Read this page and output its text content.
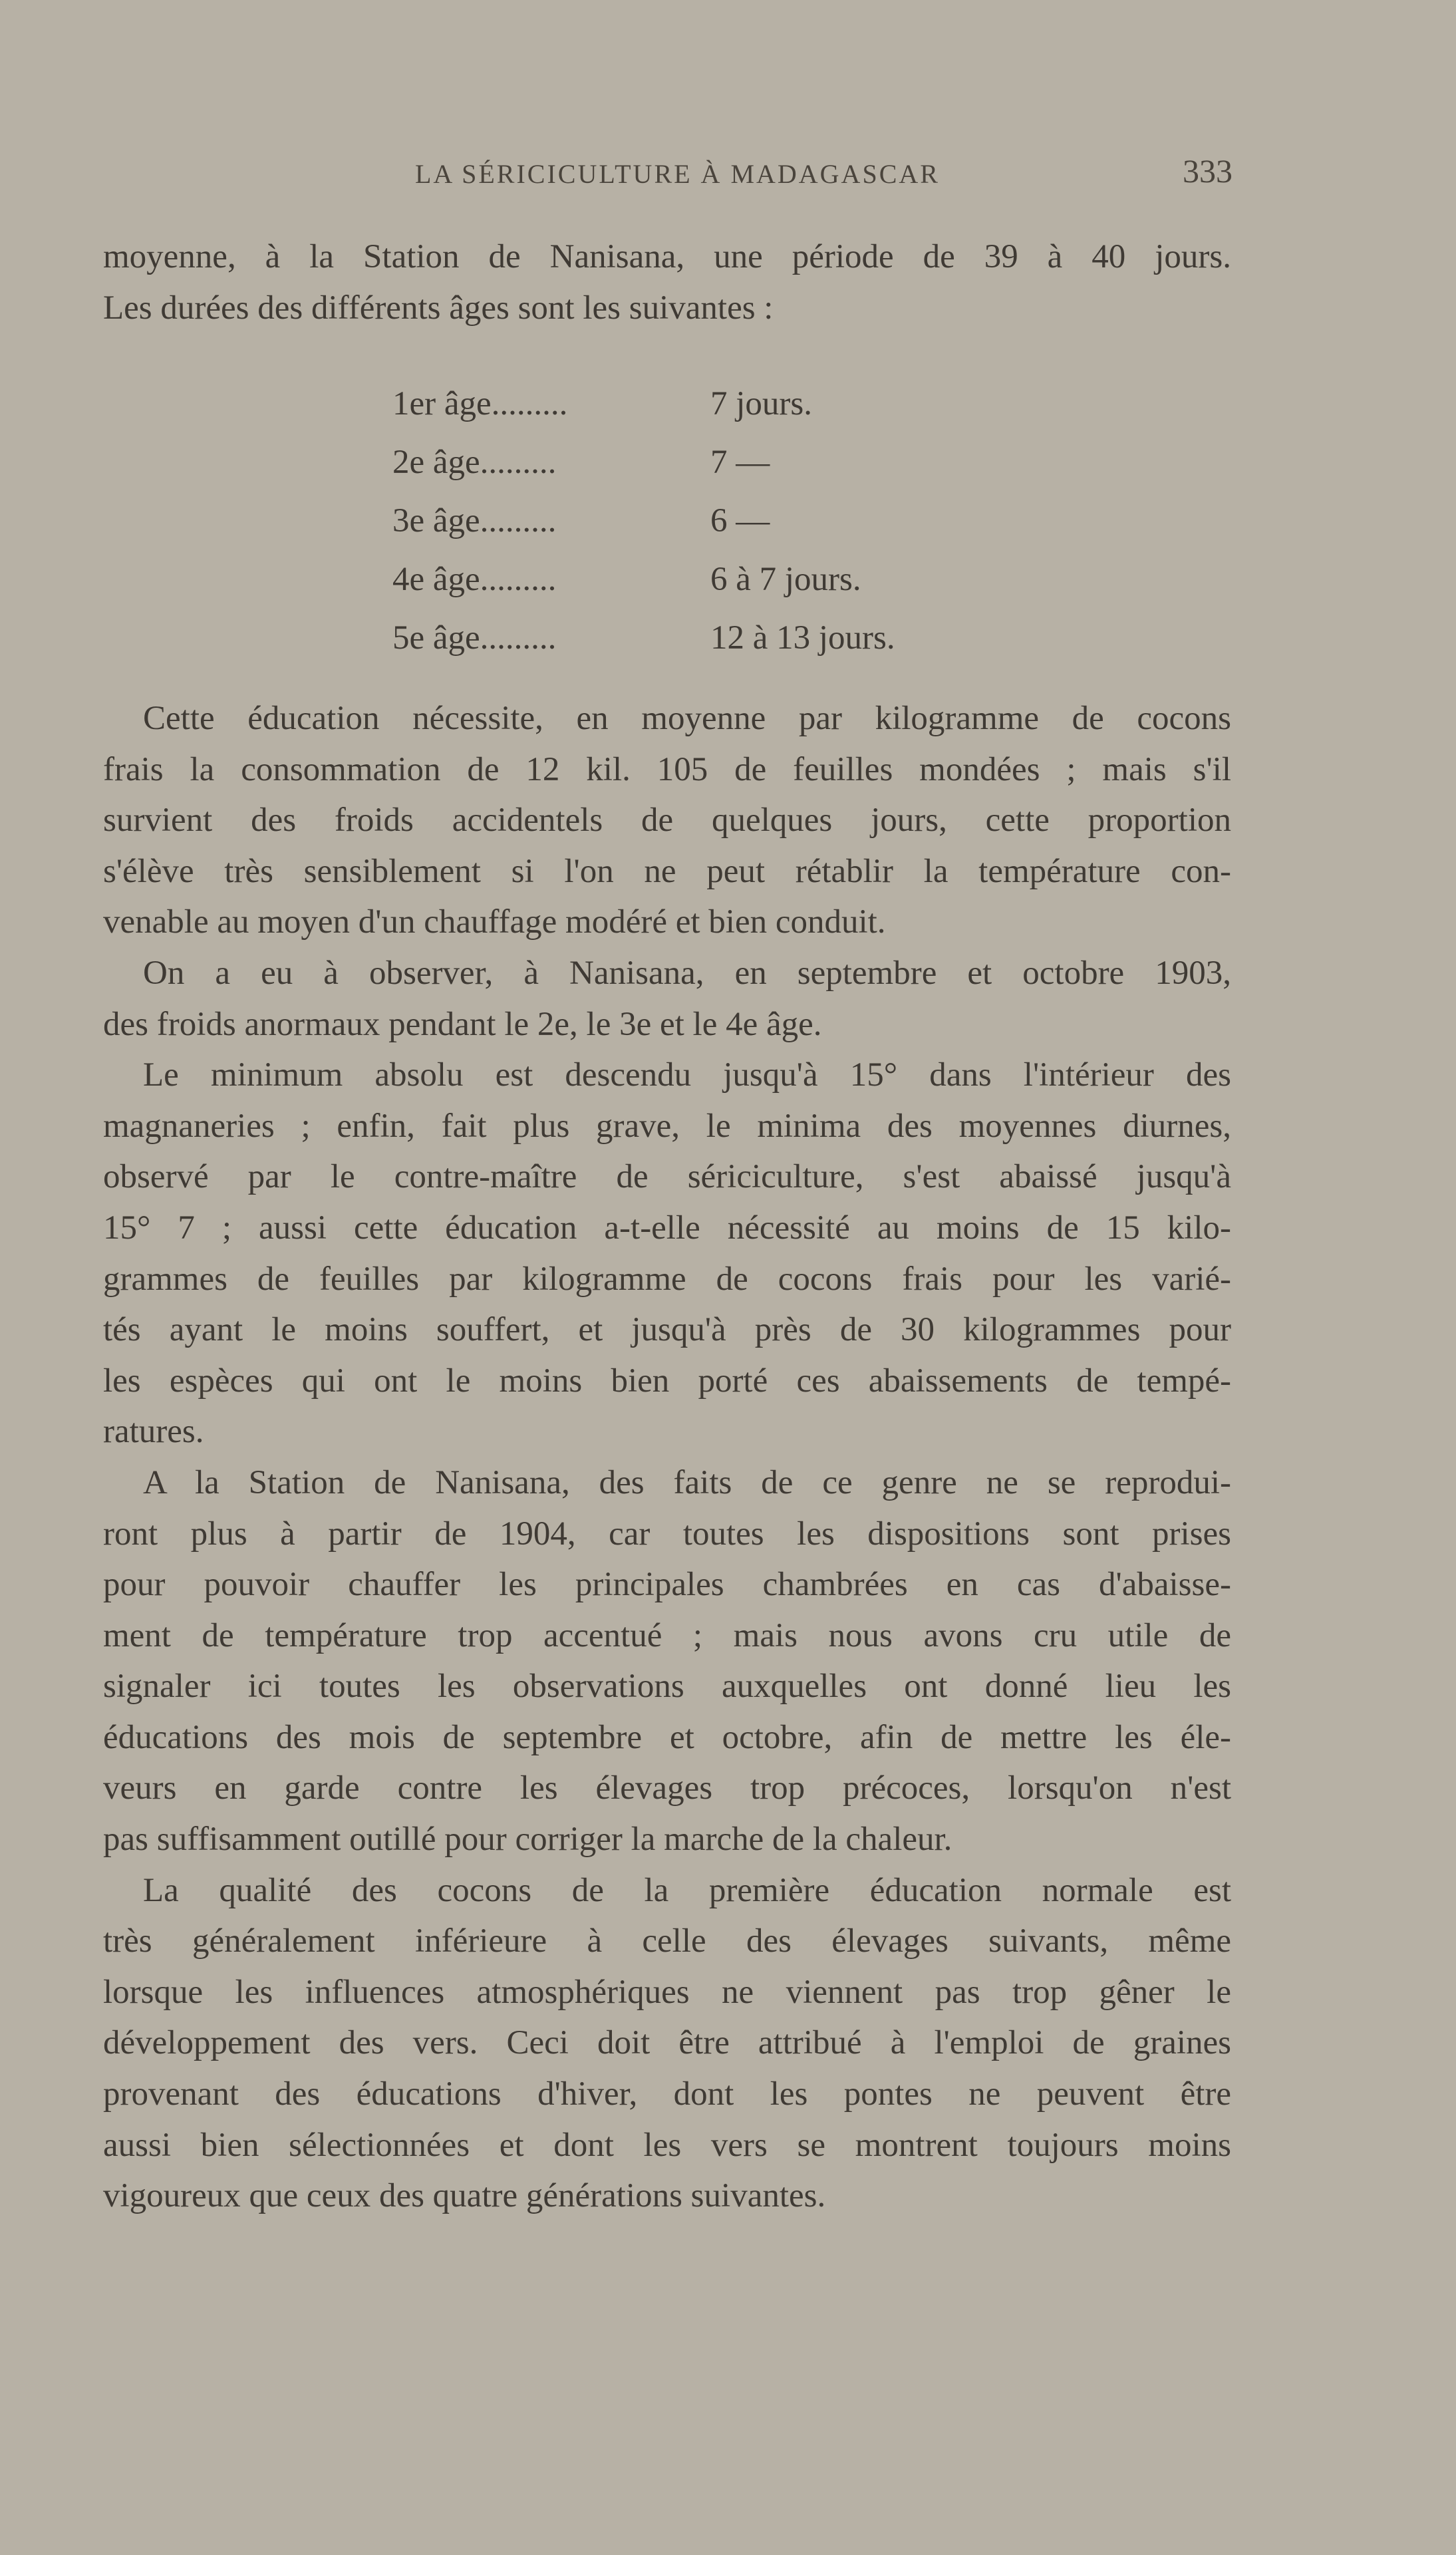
LA SÉRICICULTURE À MADAGASCAR	333
moyenne, à la Station de Nanisana, une période de 39 à 40 jours.
Les durées des différents âges sont les suivantes :
1er âge.........	7 jours.
2e âge.........	7 —
3e âge.........	6 —
4e âge.........	6 à 7 jours.
5e âge.........	12 à 13 jours.
Cette éducation nécessite, en moyenne par kilogramme de cocons
frais la consommation de 12 kil. 105 de feuilles mondées ; mais s'il
survient des froids accidentels de quelques jours, cette proportion
s'élève très sensiblement si l'on ne peut rétablir la température con-
venable au moyen d'un chauffage modéré et bien conduit.
On a eu à observer, à Nanisana, en septembre et octobre 1903,
des froids anormaux pendant le 2e, le 3e et le 4e âge.
Le minimum absolu est descendu jusqu'à 15° dans l'intérieur des
magnaneries ; enfin, fait plus grave, le minima des moyennes diurnes,
observé par le contre-maître de sériciculture, s'est abaissé jusqu'à
15° 7 ; aussi cette éducation a-t-elle nécessité au moins de 15 kilo-
grammes de feuilles par kilogramme de cocons frais pour les varié-
tés ayant le moins souffert, et jusqu'à près de 30 kilogrammes pour
les espèces qui ont le moins bien porté ces abaissements de tempé-
ratures.
A la Station de Nanisana, des faits de ce genre ne se reprodui-
ront plus à partir de 1904, car toutes les dispositions sont prises
pour pouvoir chauffer les principales chambrées en cas d'abaisse-
ment de température trop accentué ; mais nous avons cru utile de
signaler ici toutes les observations auxquelles ont donné lieu les
éducations des mois de septembre et octobre, afin de mettre les éle-
veurs en garde contre les élevages trop précoces, lorsqu'on n'est
pas suffisamment outillé pour corriger la marche de la chaleur.
La qualité des cocons de la première éducation normale est
très généralement inférieure à celle des élevages suivants, même
lorsque les influences atmosphériques ne viennent pas trop gêner le
développement des vers. Ceci doit être attribué à l'emploi de graines
provenant des éducations d'hiver, dont les pontes ne peuvent être
aussi bien sélectionnées et dont les vers se montrent toujours moins
vigoureux que ceux des quatre générations suivantes.
